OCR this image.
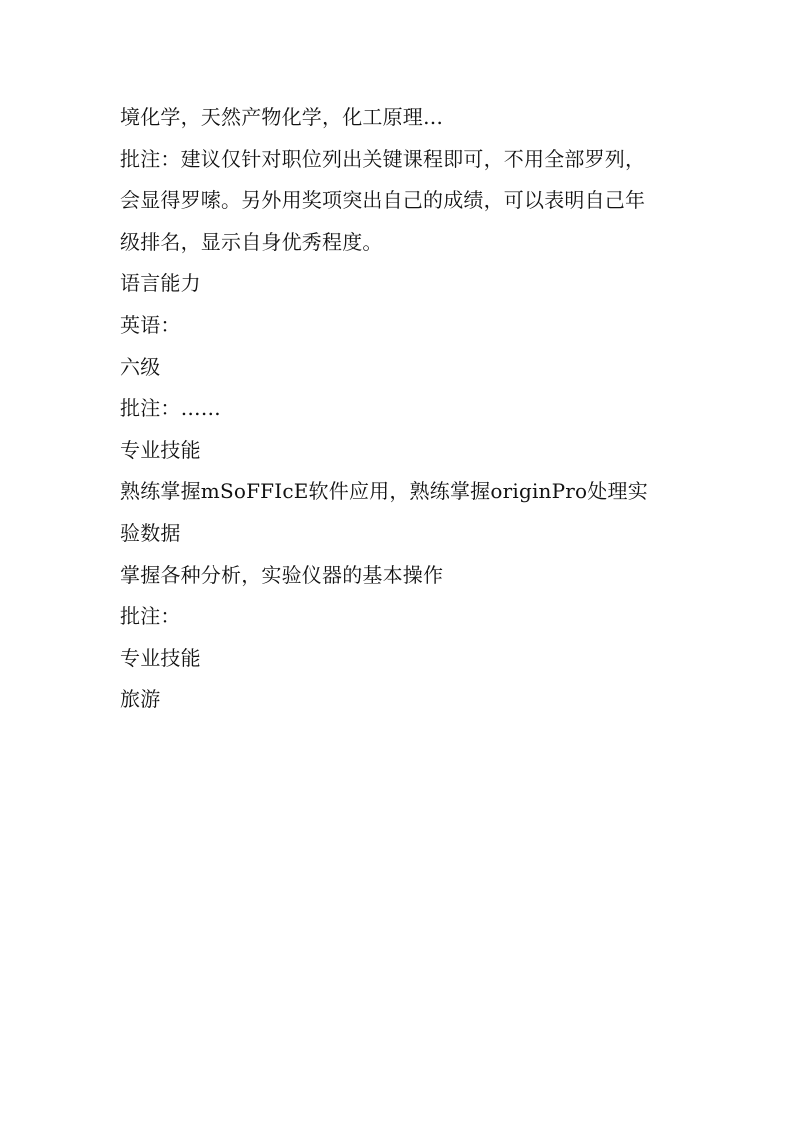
境化学，天然产物化学，化工原理…
批注：建议仅针对职位列出关键课程即可，不用全部罗列，
会显得罗嗦。另外用奖项突出自己的成绩，可以表明自己年
级排名，显示自身优秀程度。
语言能力
英语：
六级
批注：……
专业技能
熟练掌握mSoFFIcE软件应用，熟练掌握originPro处理实
验数据
掌握各种分析，实验仪器的基本操作
批注：
专业技能
旅游
